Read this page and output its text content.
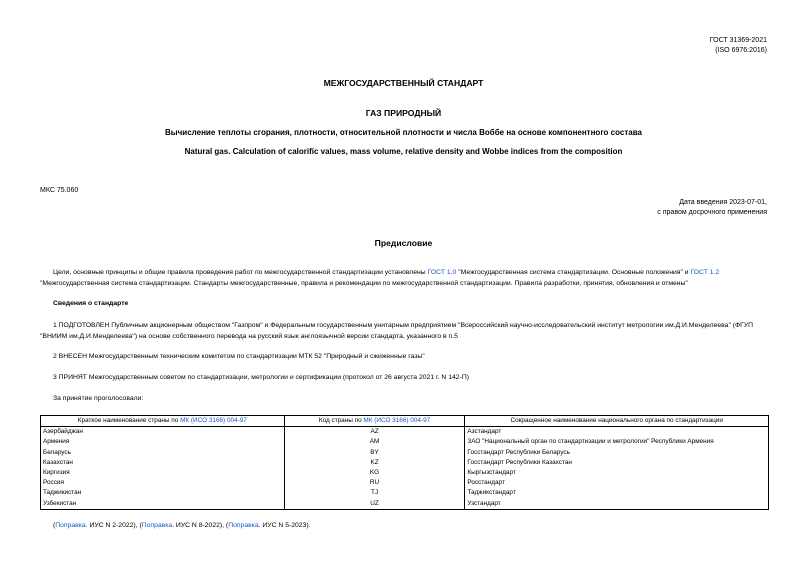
ГОСТ 31369-2021
(ISO 6976:2016)
МЕЖГОСУДАРСТВЕННЫЙ СТАНДАРТ
ГАЗ ПРИРОДНЫЙ
Вычисление теплоты сгорания, плотности, относительной плотности и числа Воббе на основе компонентного состава
Natural gas. Calculation of calorific values, mass volume, relative density and Wobbe indices from the composition
МКС 75.060
Дата введения 2023-07-01,
с правом досрочного применения
Предисловие
Цели, основные принципы и общие правила проведения работ по межгосударственной стандартизации установлены ГОСТ 1.0 "Межгосударственная система стандартизации. Основные положения" и ГОСТ 1.2 "Межгосударственная система стандартизации. Стандарты межгосударственные, правила и рекомендации по межгосударственной стандартизации. Правила разработки, принятия, обновления и отмены"
Сведения о стандарте
1 ПОДГОТОВЛЕН Публичным акционерным обществом "Газпром" и Федеральным государственным унитарным предприятием "Всероссийский научно-исследовательский институт метрологии им.Д.И.Менделеева" (ФГУП "ВНИИМ им.Д.И.Менделеева") на основе собственного перевода на русский язык англоязычной версии стандарта, указанного в п.5
2 ВНЕСЕН Межгосударственным техническим комитетом по стандартизации МТК 52 "Природный и сжиженные газы"
3 ПРИНЯТ Межгосударственным советом по стандартизации, метрологии и сертификации (протокол от 26 августа 2021 г. N 142-П)
За принятие проголосовали:
Краткое наименование страны по МК (ИСО 3166) 004-97	Код страны по МК (ИСО 3166) 004-97	Сокращенное наименование национального органа по стандартизации
Азербайджан	AZ	Азстандарт
Армения	AM	ЗАО "Национальный орган по стандартизации и метрологии" Республики Армения
Беларусь	BY	Госстандарт Республики Беларусь
Казахстан	KZ	Госстандарт Республики Казахстан
Киргизия	KG	Кыргызстандарт
Россия	RU	Росстандарт
Таджикистан	TJ	Таджикстандарт
Узбекистан	UZ	Узстандарт
(Поправка. ИУС N 2-2022), (Поправка. ИУС N 8-2022), (Поправка. ИУС N 5-2023).
